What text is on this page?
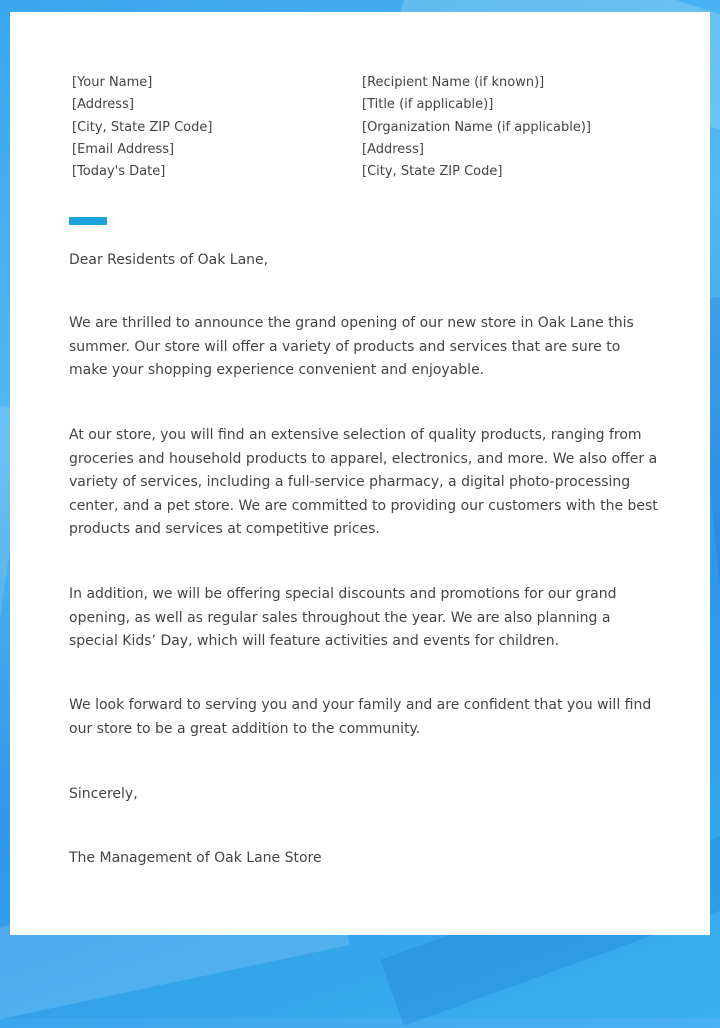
[Your Name]
[Address]
[City, State ZIP Code]
[Email Address]
[Today's Date]
[Recipient Name (if known)]
[Title (if applicable)]
[Organization Name (if applicable)]
[Address]
[City, State ZIP Code]

Dear Residents of Oak Lane,

We are thrilled to announce the grand opening of our new store in Oak Lane this summer. Our store will offer a variety of products and services that are sure to make your shopping experience convenient and enjoyable.

At our store, you will find an extensive selection of quality products, ranging from groceries and household products to apparel, electronics, and more. We also offer a variety of services, including a full-service pharmacy, a digital photo-processing center, and a pet store. We are committed to providing our customers with the best products and services at competitive prices.

In addition, we will be offering special discounts and promotions for our grand opening, as well as regular sales throughout the year. We are also planning a special Kids’ Day, which will feature activities and events for children.

We look forward to serving you and your family and are confident that you will find our store to be a great addition to the community.

Sincerely,

The Management of Oak Lane Store
